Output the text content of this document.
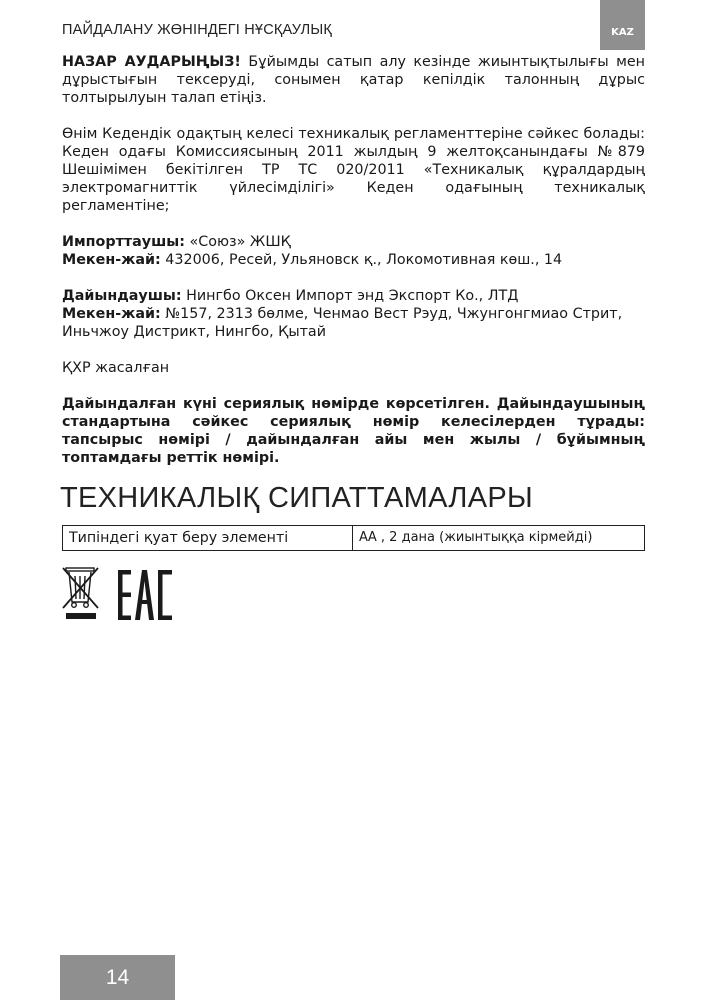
ПАЙДАЛАНУ ЖӨНІНДЕГІ НҰСҚАУЛЫҚ	KAZ

НАЗАР АУДАРЫҢЫЗ! Бұйымды сатып алу кезінде жиынтықтылығы мен дұрыстығын тексеруді, сонымен қатар кепілдік талонның дұрыс толтырылуын талап етіңіз.

Өнім Кедендік одақтың келесі техникалық регламенттеріне сәйкес болады: Кеден одағы Комиссиясының 2011 жылдың 9 желтоқсанындағы №879 Шешімімен бекітілген ТР ТС 020/2011 «Техникалық құралдардың электромагниттік үйлесімділігі» Кеден одағының техникалық регламентіне;

Импорттаушы: «Союз» ЖШҚ

Мекен-жай: 432006, Ресей, Ульяновск қ., Локомотивная көш., 14

Дайындаушы: Нингбо Оксен Импорт энд Экспорт Ко., ЛТД

Мекен-жай: №157, 2313 бөлме, Ченмао Вест Рэуд, Чжунгонгмиао Стрит, Иньчжоу Дистрикт, Нингбо, Қытай

ҚХР жасалған

Дайындалған күні сериялық нөмірде көрсетілген. Дайындаушының стандартына сәйкес сериялық нөмір келесілерден тұрады: тапсырыс нөмірі / дайындалған айы мен жылы / бұйымның топтамдағы реттік нөмірі.

ТЕХНИКАЛЫҚ СИПАТТАМАЛАРЫ
Типіндегі қуат беру элементі	АА , 2 дана (жиынтыққа кірмейді)
14
